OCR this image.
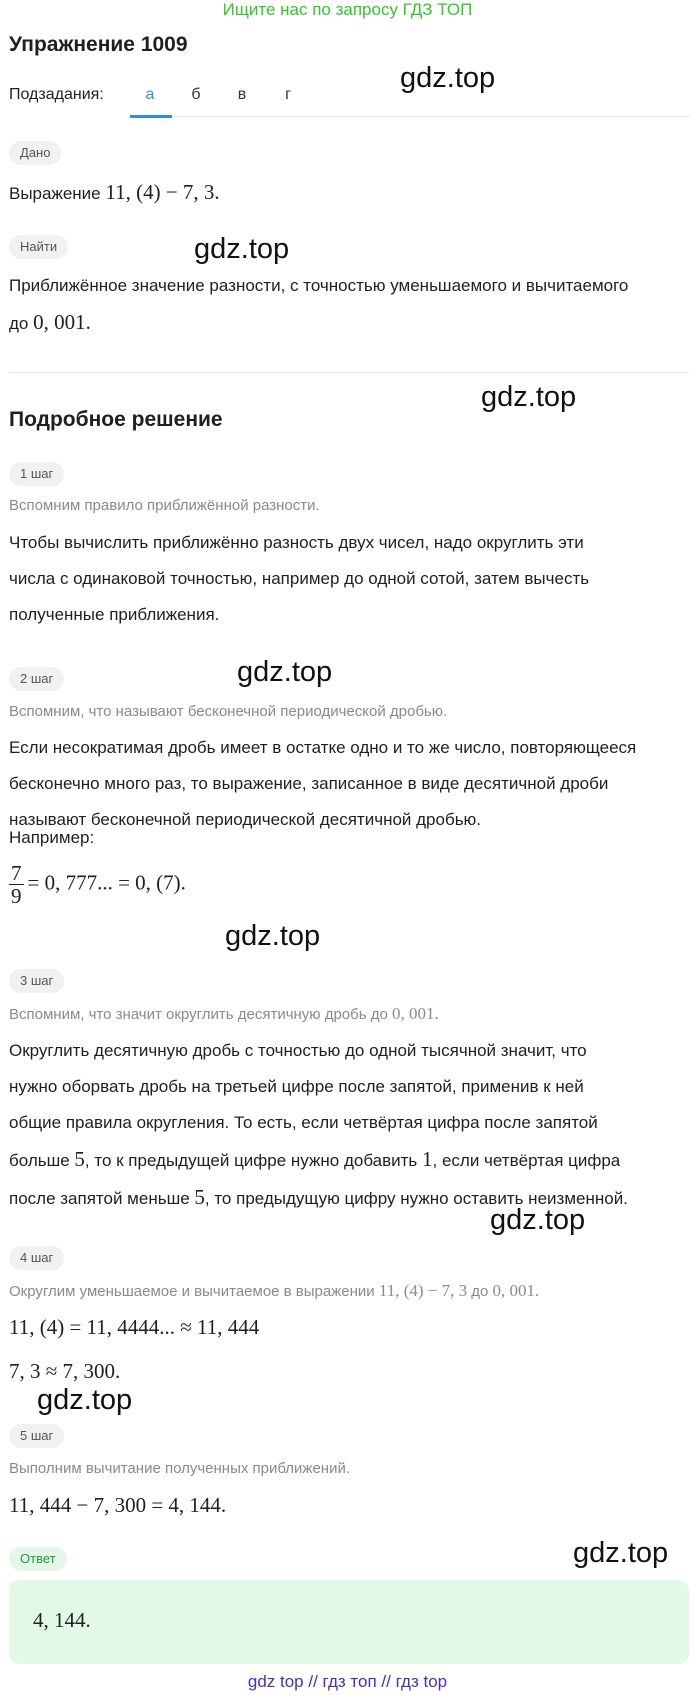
Ищите нас по запросу ГДЗ ТОП
Упражнение 1009
Подзадания:	а	б	в	г
Дано
Выражение 11, (4) − 7, 3.
Найти
Приближённое значение разности, с точностью уменьшаемого и вычитаемого
до 0, 001.
Подробное решение
1 шаг
Вспомним правило приближённой разности.
Чтобы вычислить приближённо разность двух чисел, надо округлить эти
числа с одинаковой точностью, например до одной сотой, затем вычесть
полученные приближения.
2 шаг
Вспомним, что называют бесконечной периодической дробью.
Если несократимая дробь имеет в остатке одно и то же число, повторяющееся
бесконечно много раз, то выражение, записанное в виде десятичной дроби
называют бесконечной периодической десятичной дробью.
Например:
$\frac{7}{9} = 0$, 777... = 0, (7).
3 шаг
Вспомним, что значит округлить десятичную дробь до 0, 001.
Округлить десятичную дробь с точностью до одной тысячной значит, что
нужно оборвать дробь на третьей цифре после запятой, применив к ней
общие правила округления. То есть, если четвёртая цифра после запятой
больше 5, то к предыдущей цифре нужно добавить 1, если четвёртая цифра
после запятой меньше 5, то предыдущую цифру нужно оставить неизменной.
4 шаг
Округлим уменьшаемое и вычитаемое в выражении 11, (4) − 7, 3 до 0, 001.
11, (4) = 11, 4444... ≈ 11, 444
7, 3 ≈ 7, 300.
5 шаг
Выполним вычитание полученных приближений.
11, 444 − 7, 300 = 4, 144.
Ответ
4, 144.
gdz.top
gdz.top
gdz.top
gdz.top
gdz.top
gdz.top
gdz.top
gdz.top
gdz top // гдз топ // гдз top
